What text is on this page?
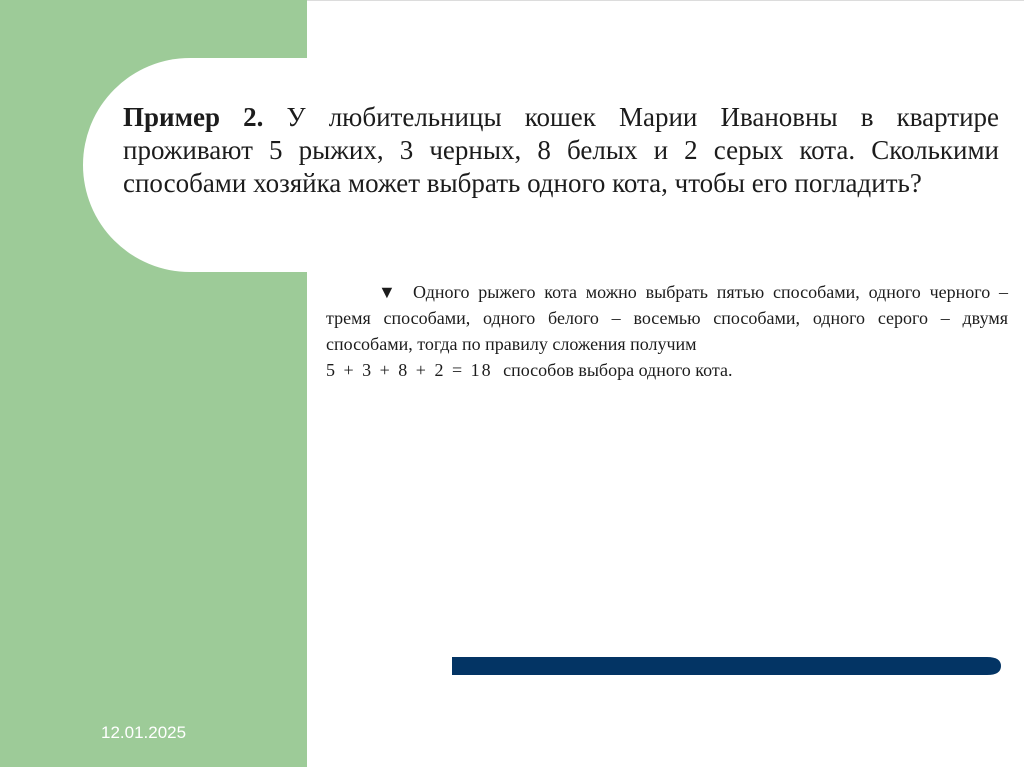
Пример 2. У любительницы кошек Марии Ивановны в квартире проживают 5 рыжих, 3 черных, 8 белых и 2 серых кота. Сколькими способами хозяйка может выбрать одного кота, чтобы его погладить?
▼ Одного рыжего кота можно выбрать пятью способами, одного черного – тремя способами, одного белого – восемью способами, одного серого – двумя способами, тогда по правилу сложения получим
5 + 3 + 8 + 2 = 18 способов выбора одного кота.
12.01.2025
